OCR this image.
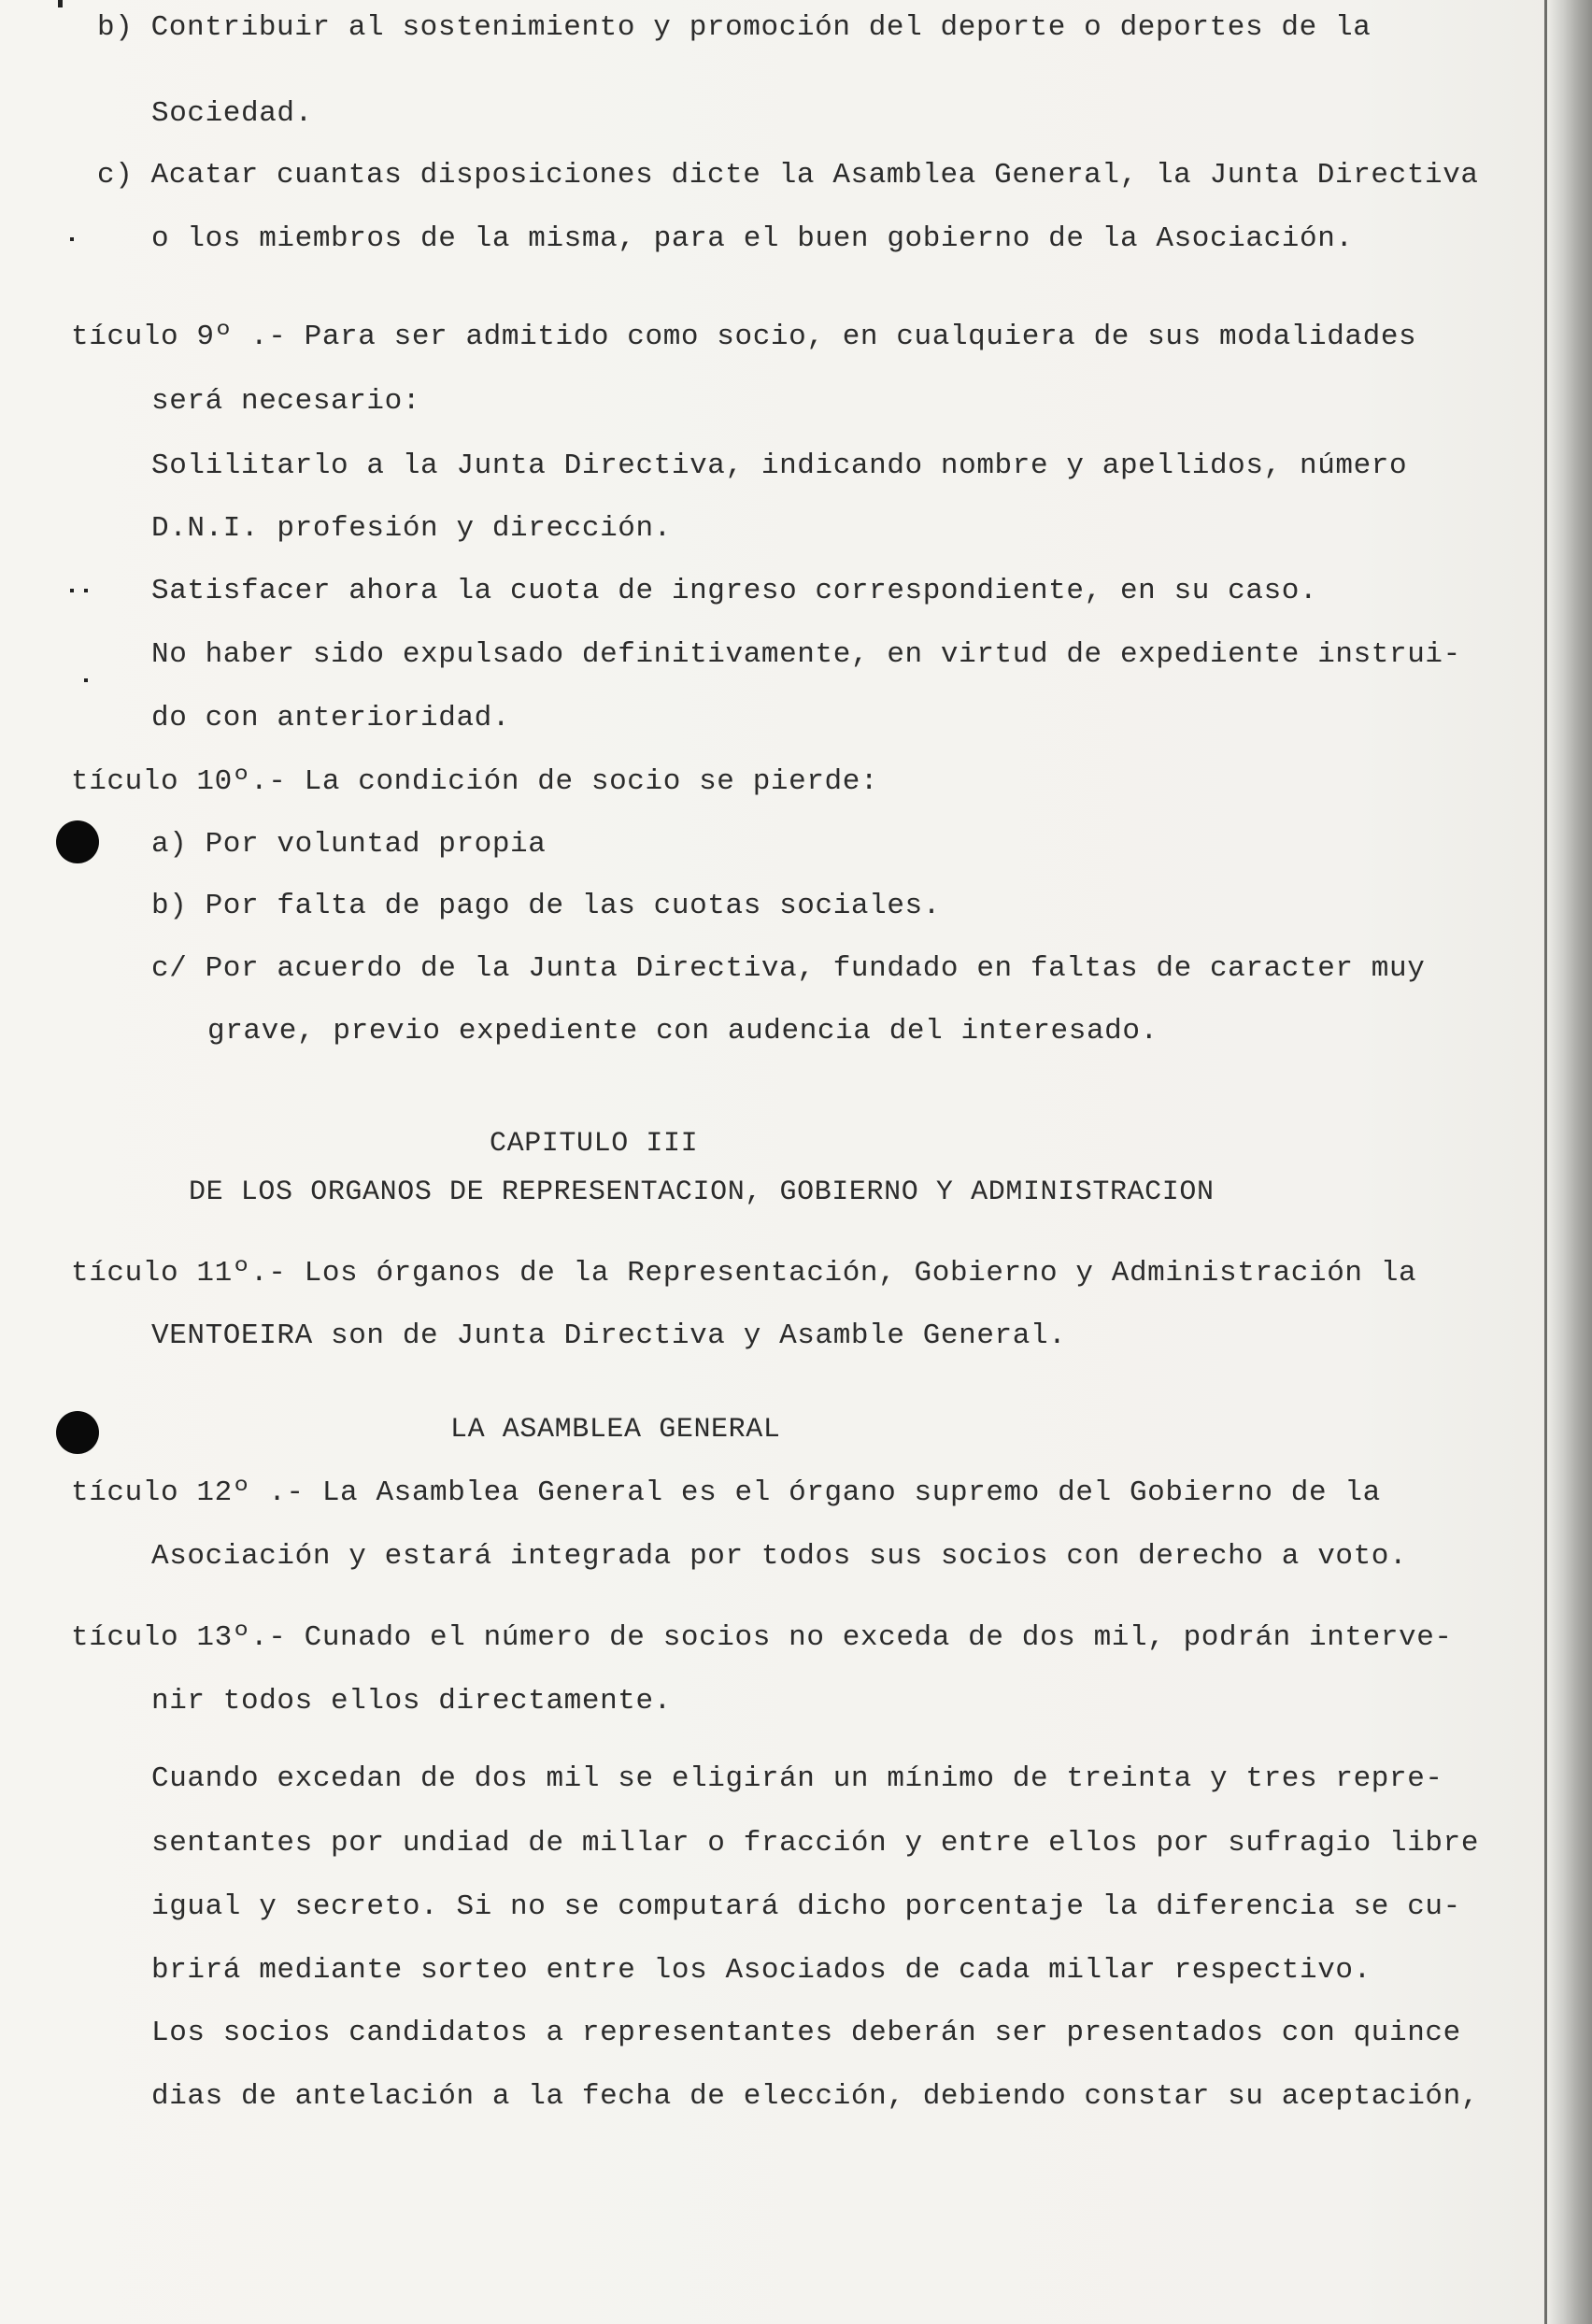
b) Contribuir al sostenimiento y promoción del deporte o deportes de la
Sociedad.
c) Acatar cuantas disposiciones dicte la Asamblea General, la Junta Directiva
o los miembros de la misma, para el buen gobierno de la Asociación.
tículo 9º .- Para ser admitido como socio, en cualquiera de sus modalidades
será necesario:
Solilitarlo a la Junta Directiva, indicando nombre y apellidos, número
D.N.I. profesión y dirección.
Satisfacer ahora la cuota de ingreso correspondiente, en su caso.
No haber sido expulsado definitivamente, en virtud de expediente instrui-
do con anterioridad.
tículo 10º.- La condición de socio se pierde:
a) Por voluntad propia
b) Por falta de pago de las cuotas sociales.
c/ Por acuerdo de la Junta Directiva, fundado en faltas de caracter muy
grave, previo expediente con audencia del interesado.
CAPITULO III
DE LOS ORGANOS DE REPRESENTACION, GOBIERNO Y ADMINISTRACION
tículo 11º.- Los órganos de la Representación, Gobierno y Administración la
VENTOEIRA son de Junta Directiva y Asamble General.
LA ASAMBLEA GENERAL
tículo 12º .- La Asamblea General es el órgano supremo del Gobierno de la
Asociación y estará integrada por todos sus socios con derecho a voto.
tículo 13º.- Cunado el número de socios no exceda de dos mil, podrán interve-
nir todos ellos directamente.
Cuando excedan de dos mil se eligirán un mínimo de treinta y tres repre-
sentantes por undiad de millar o fracción y entre ellos por sufragio libre
igual y secreto. Si no se computará dicho porcentaje la diferencia se cu-
brirá mediante sorteo entre los Asociados de cada millar respectivo.
Los socios candidatos a representantes deberán ser presentados con quince
dias de antelación a la fecha de elección, debiendo constar su aceptación,
